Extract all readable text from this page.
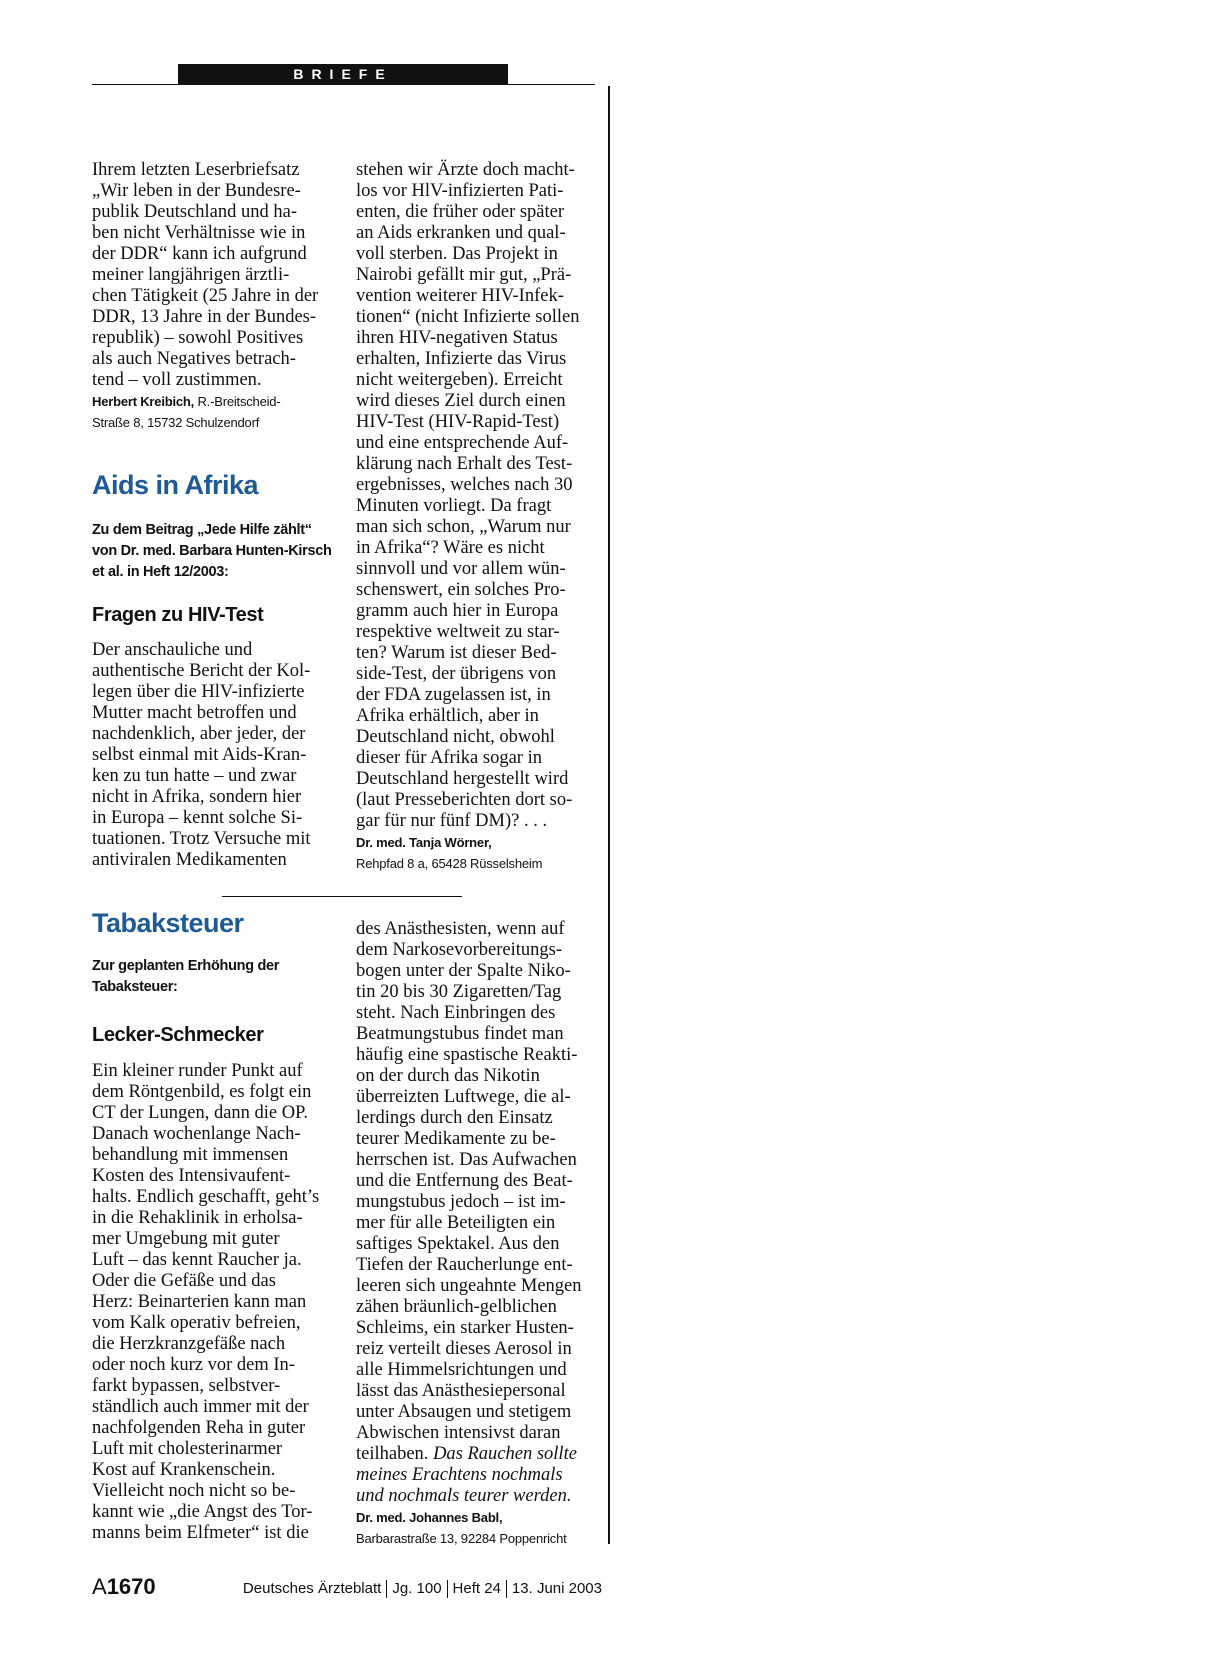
BRIEFE

Ihrem letzten Leserbriefsatz
„Wir leben in der Bundesre-
publik Deutschland und ha-
ben nicht Verhältnisse wie in
der DDR“ kann ich aufgrund
meiner langjährigen ärztli-
chen Tätigkeit (25 Jahre in der
DDR, 13 Jahre in der Bundes-
republik) – sowohl Positives
als auch Negatives betrach-
tend – voll zustimmen.

Herbert Kreibich, R.-Breitscheid-
Straße 8, 15732 Schulzendorf

Aids in Afrika

Zu dem Beitrag „Jede Hilfe zählt“
von Dr. med. Barbara Hunten-Kirsch
et al. in Heft 12/2003:

Fragen zu HIV-Test

Der anschauliche und
authentische Bericht der Kol-
legen über die HlV-infizierte
Mutter macht betroffen und
nachdenklich, aber jeder, der
selbst einmal mit Aids-Kran-
ken zu tun hatte – und zwar
nicht in Afrika, sondern hier
in Europa – kennt solche Si-
tuationen. Trotz Versuche mit
antiviralen Medikamenten

stehen wir Ärzte doch macht-
los vor HlV-infizierten Pati-
enten, die früher oder später
an Aids erkranken und qual-
voll sterben. Das Projekt in
Nairobi gefällt mir gut, „Prä-
vention weiterer HIV-Infek-
tionen“ (nicht Infizierte sollen
ihren HIV-negativen Status
erhalten, Infizierte das Virus
nicht weitergeben). Erreicht
wird dieses Ziel durch einen
HIV-Test (HIV-Rapid-Test)
und eine entsprechende Auf-
klärung nach Erhalt des Test-
ergebnisses, welches nach 30
Minuten vorliegt. Da fragt
man sich schon, „Warum nur
in Afrika“? Wäre es nicht
sinnvoll und vor allem wün-
schenswert, ein solches Pro-
gramm auch hier in Europa
respektive weltweit zu star-
ten? Warum ist dieser Bed-
side-Test, der übrigens von
der FDA zugelassen ist, in
Afrika erhältlich, aber in
Deutschland nicht, obwohl
dieser für Afrika sogar in
Deutschland hergestellt wird
(laut Presseberichten dort so-
gar für nur fünf DM)? . . .

Dr. med. Tanja Wörner,
Rehpfad 8 a, 65428 Rüsselsheim

Tabaksteuer

Zur geplanten Erhöhung der
Tabaksteuer:

Lecker-Schmecker

Ein kleiner runder Punkt auf
dem Röntgenbild, es folgt ein
CT der Lungen, dann die OP.
Danach wochenlange Nach-
behandlung mit immensen
Kosten des Intensivaufent-
halts. Endlich geschafft, geht’s
in die Rehaklinik in erholsa-
mer Umgebung mit guter
Luft – das kennt Raucher ja.
Oder die Gefäße und das
Herz: Beinarterien kann man
vom Kalk operativ befreien,
die Herzkranzgefäße nach
oder noch kurz vor dem In-
farkt bypassen, selbstver-
ständlich auch immer mit der
nachfolgenden Reha in guter
Luft mit cholesterinarmer
Kost auf Krankenschein.
Vielleicht noch nicht so be-
kannt wie „die Angst des Tor-
manns beim Elfmeter“ ist die

des Anästhesisten, wenn auf
dem Narkosevorbereitungs-
bogen unter der Spalte Niko-
tin 20 bis 30 Zigaretten/Tag
steht. Nach Einbringen des
Beatmungstubus findet man
häufig eine spastische Reakti-
on der durch das Nikotin
überreizten Luftwege, die al-
lerdings durch den Einsatz
teurer Medikamente zu be-
herrschen ist. Das Aufwachen
und die Entfernung des Beat-
mungstubus jedoch – ist im-
mer für alle Beteiligten ein
saftiges Spektakel. Aus den
Tiefen der Raucherlunge ent-
leeren sich ungeahnte Mengen
zähen bräunlich-gelblichen
Schleims, ein starker Husten-
reiz verteilt dieses Aerosol in
alle Himmelsrichtungen und
lässt das Anästhesiepersonal
unter Absaugen und stetigem
Abwischen intensivst daran
teilhaben. Das Rauchen sollte
meines Erachtens nochmals
und nochmals teurer werden.

Dr. med. Johannes Babl,
Barbarastraße 13, 92284 Poppenricht

A1670	Deutsches Ärzteblatt Jg. 100 Heft 24 13. Juni 2003
